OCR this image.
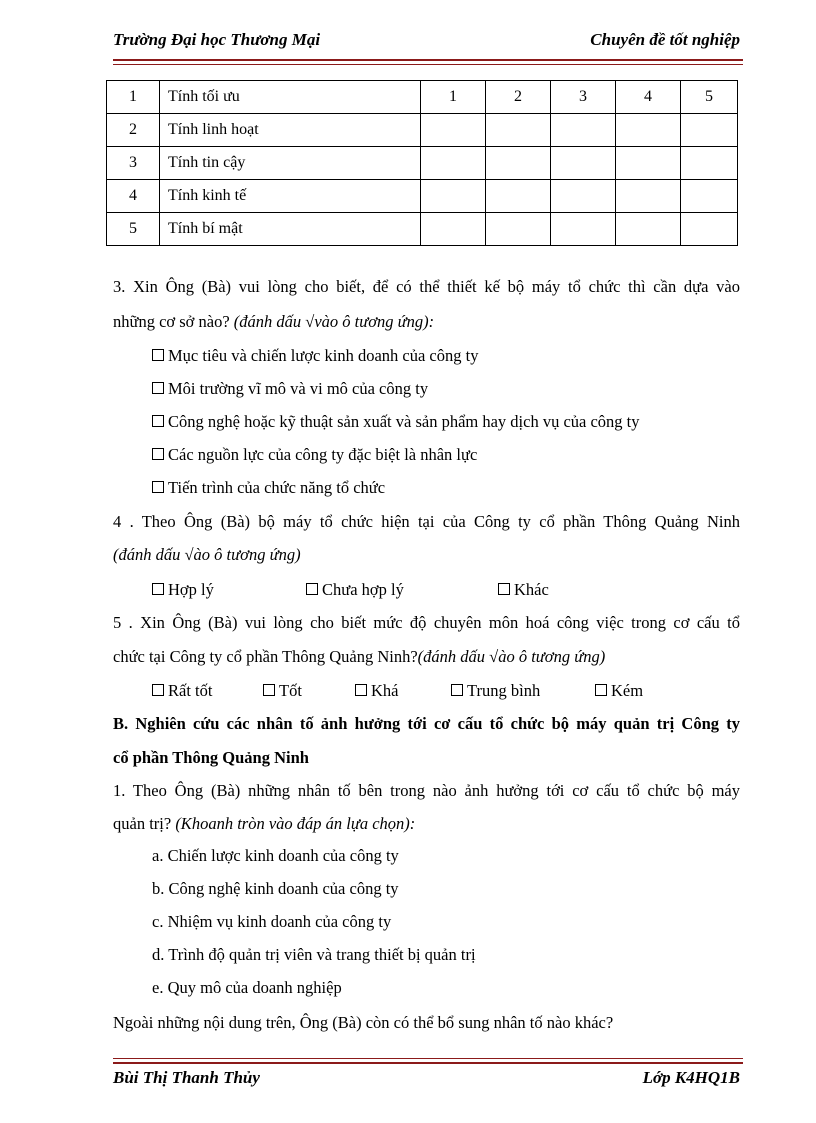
Trường Đại học Thương Mại	Chuyên đề tốt nghiệp
1	Tính tối ưu	1	2	3	4	5
2	Tính linh hoạt					
3	Tính tin cậy					
4	Tính kinh tế					
5	Tính bí mật					
3. Xin Ông (Bà) vui lòng cho biết, để có thể thiết kế bộ máy tổ chức thì cần dựa vào
những cơ sở nào? (đánh dấu √vào ô tương ứng):
Mục tiêu và chiến lược kinh doanh của công ty
Môi trường vĩ mô và vi mô của công ty
Công nghệ hoặc kỹ thuật sản xuất và sản phẩm hay dịch vụ của công ty
Các nguồn lực của công ty đặc biệt là nhân lực
Tiến trình của chức năng tổ chức
4 . Theo Ông (Bà) bộ máy tổ chức hiện tại của Công ty cổ phần Thông Quảng Ninh
(đánh dấu √ào ô tương ứng)
Hợp lý	Chưa hợp lý	Khác
5 . Xin Ông (Bà) vui lòng cho biết mức độ chuyên môn hoá công việc trong cơ cấu tổ
chức tại Công ty cổ phần Thông Quảng Ninh?(đánh dấu √ào ô tương ứng)
Rất tốt	Tốt	Khá	Trung bình	Kém
B. Nghiên cứu các nhân tố ảnh hưởng tới cơ cấu tổ chức bộ máy quản trị Công ty
cổ phần Thông Quảng Ninh
1. Theo Ông (Bà) những nhân tố bên trong nào ảnh hưởng tới cơ cấu tổ chức bộ máy
quản trị? (Khoanh tròn vào đáp án lựa chọn):
a. Chiến lược kinh doanh của công ty
b. Công nghệ kinh doanh của công ty
c. Nhiệm vụ kinh doanh của công ty
d. Trình độ quản trị viên và trang thiết bị quản trị
e. Quy mô của doanh nghiệp
Ngoài những nội dung trên, Ông (Bà) còn có thể bổ sung nhân tố nào khác?
Bùi Thị Thanh Thủy	Lớp K4HQ1B
